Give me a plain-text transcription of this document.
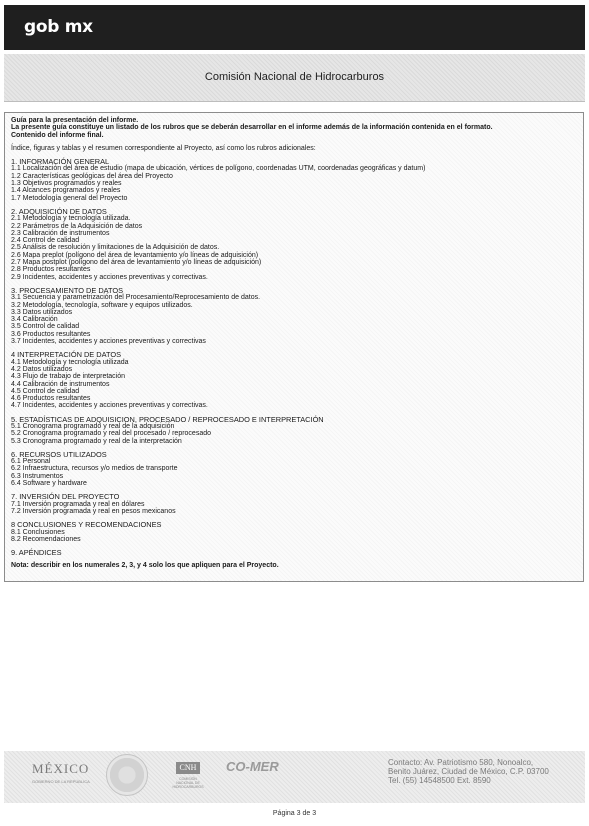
gob mx
Comisión Nacional de Hidrocarburos
Guía para la presentación del informe.
La presente guía constituye un listado de los rubros que se deberán desarrollar en el informe además de la información contenida en el formato.
Contenido del informe final.
Índice, figuras y tablas y el resumen correspondiente al Proyecto, así como los rubros adicionales:
1. INFORMACIÓN GENERAL
1.1 Localización del área de estudio (mapa de ubicación, vértices de polígono, coordenadas UTM, coordenadas geográficas y datum)
1.2 Características geológicas del área del Proyecto
1.3 Objetivos programados y reales
1.4 Alcances programados y reales
1.7 Metodología general del Proyecto
2. ADQUISICIÓN DE DATOS
2.1 Metodología y tecnología utilizada.
2.2 Parámetros de la Adquisición de datos
2.3 Calibración de instrumentos
2.4 Control de calidad
2.5 Análisis de resolución y limitaciones de la Adquisición de datos.
2.6 Mapa preplot (polígono del área de levantamiento y/o líneas de adquisición)
2.7 Mapa postplot (polígono del área de levantamiento y/o líneas de adquisición)
2.8 Productos resultantes
2.9 Incidentes, accidentes y acciones preventivas y correctivas.
3. PROCESAMIENTO DE DATOS
3.1 Secuencia y parametrización del Procesamiento/Reprocesamiento de datos.
3.2 Metodología, tecnología, software y equipos utilizados.
3.3 Datos utilizados
3.4 Calibración
3.5 Control de calidad
3.6 Productos resultantes
3.7 Incidentes, accidentes y acciones preventivas y correctivas
4 INTERPRETACIÓN DE DATOS
4.1 Metodología y tecnología utilizada
4.2 Datos utilizados
4.3 Flujo de trabajo de interpretación
4.4 Calibración de instrumentos
4.5 Control de calidad
4.6 Productos resultantes
4.7 Incidentes, accidentes y acciones preventivas y correctivas.
5. ESTADÍSTICAS DE ADQUISICION, PROCESADO / REPROCESADO E INTERPRETACIÓN
5.1 Cronograma programado y real de la adquisición
5.2 Cronograma programado y real del procesado / reprocesado
5.3 Cronograma programado y real de la interpretación
6. RECURSOS UTILIZADOS
6.1 Personal
6.2 Infraestructura, recursos y/o medios de transporte
6.3 Instrumentos
6.4 Software y hardware
7. INVERSIÓN DEL PROYECTO
7.1 Inversión programada y real en dólares
7.2 Inversión programada y real en pesos mexicanos
8 CONCLUSIONES Y RECOMENDACIONES
8.1 Conclusiones
8.2 Recomendaciones
9. APÉNDICES
Nota: describir en los numerales 2, 3, y 4 solo los que apliquen para el Proyecto.
MÉXICO
GOBIERNO DE LA REPÚBLICA
CNH
COMISIÓN NACIONAL DE HIDROCARBUROS
CO-MER	Contacto: Av. Patriotismo 580, Nonoalco,
Benito Juárez, Ciudad de México, C.P. 03700
Tel. (55) 14548500 Ext. 8590
Página 3 de 3
